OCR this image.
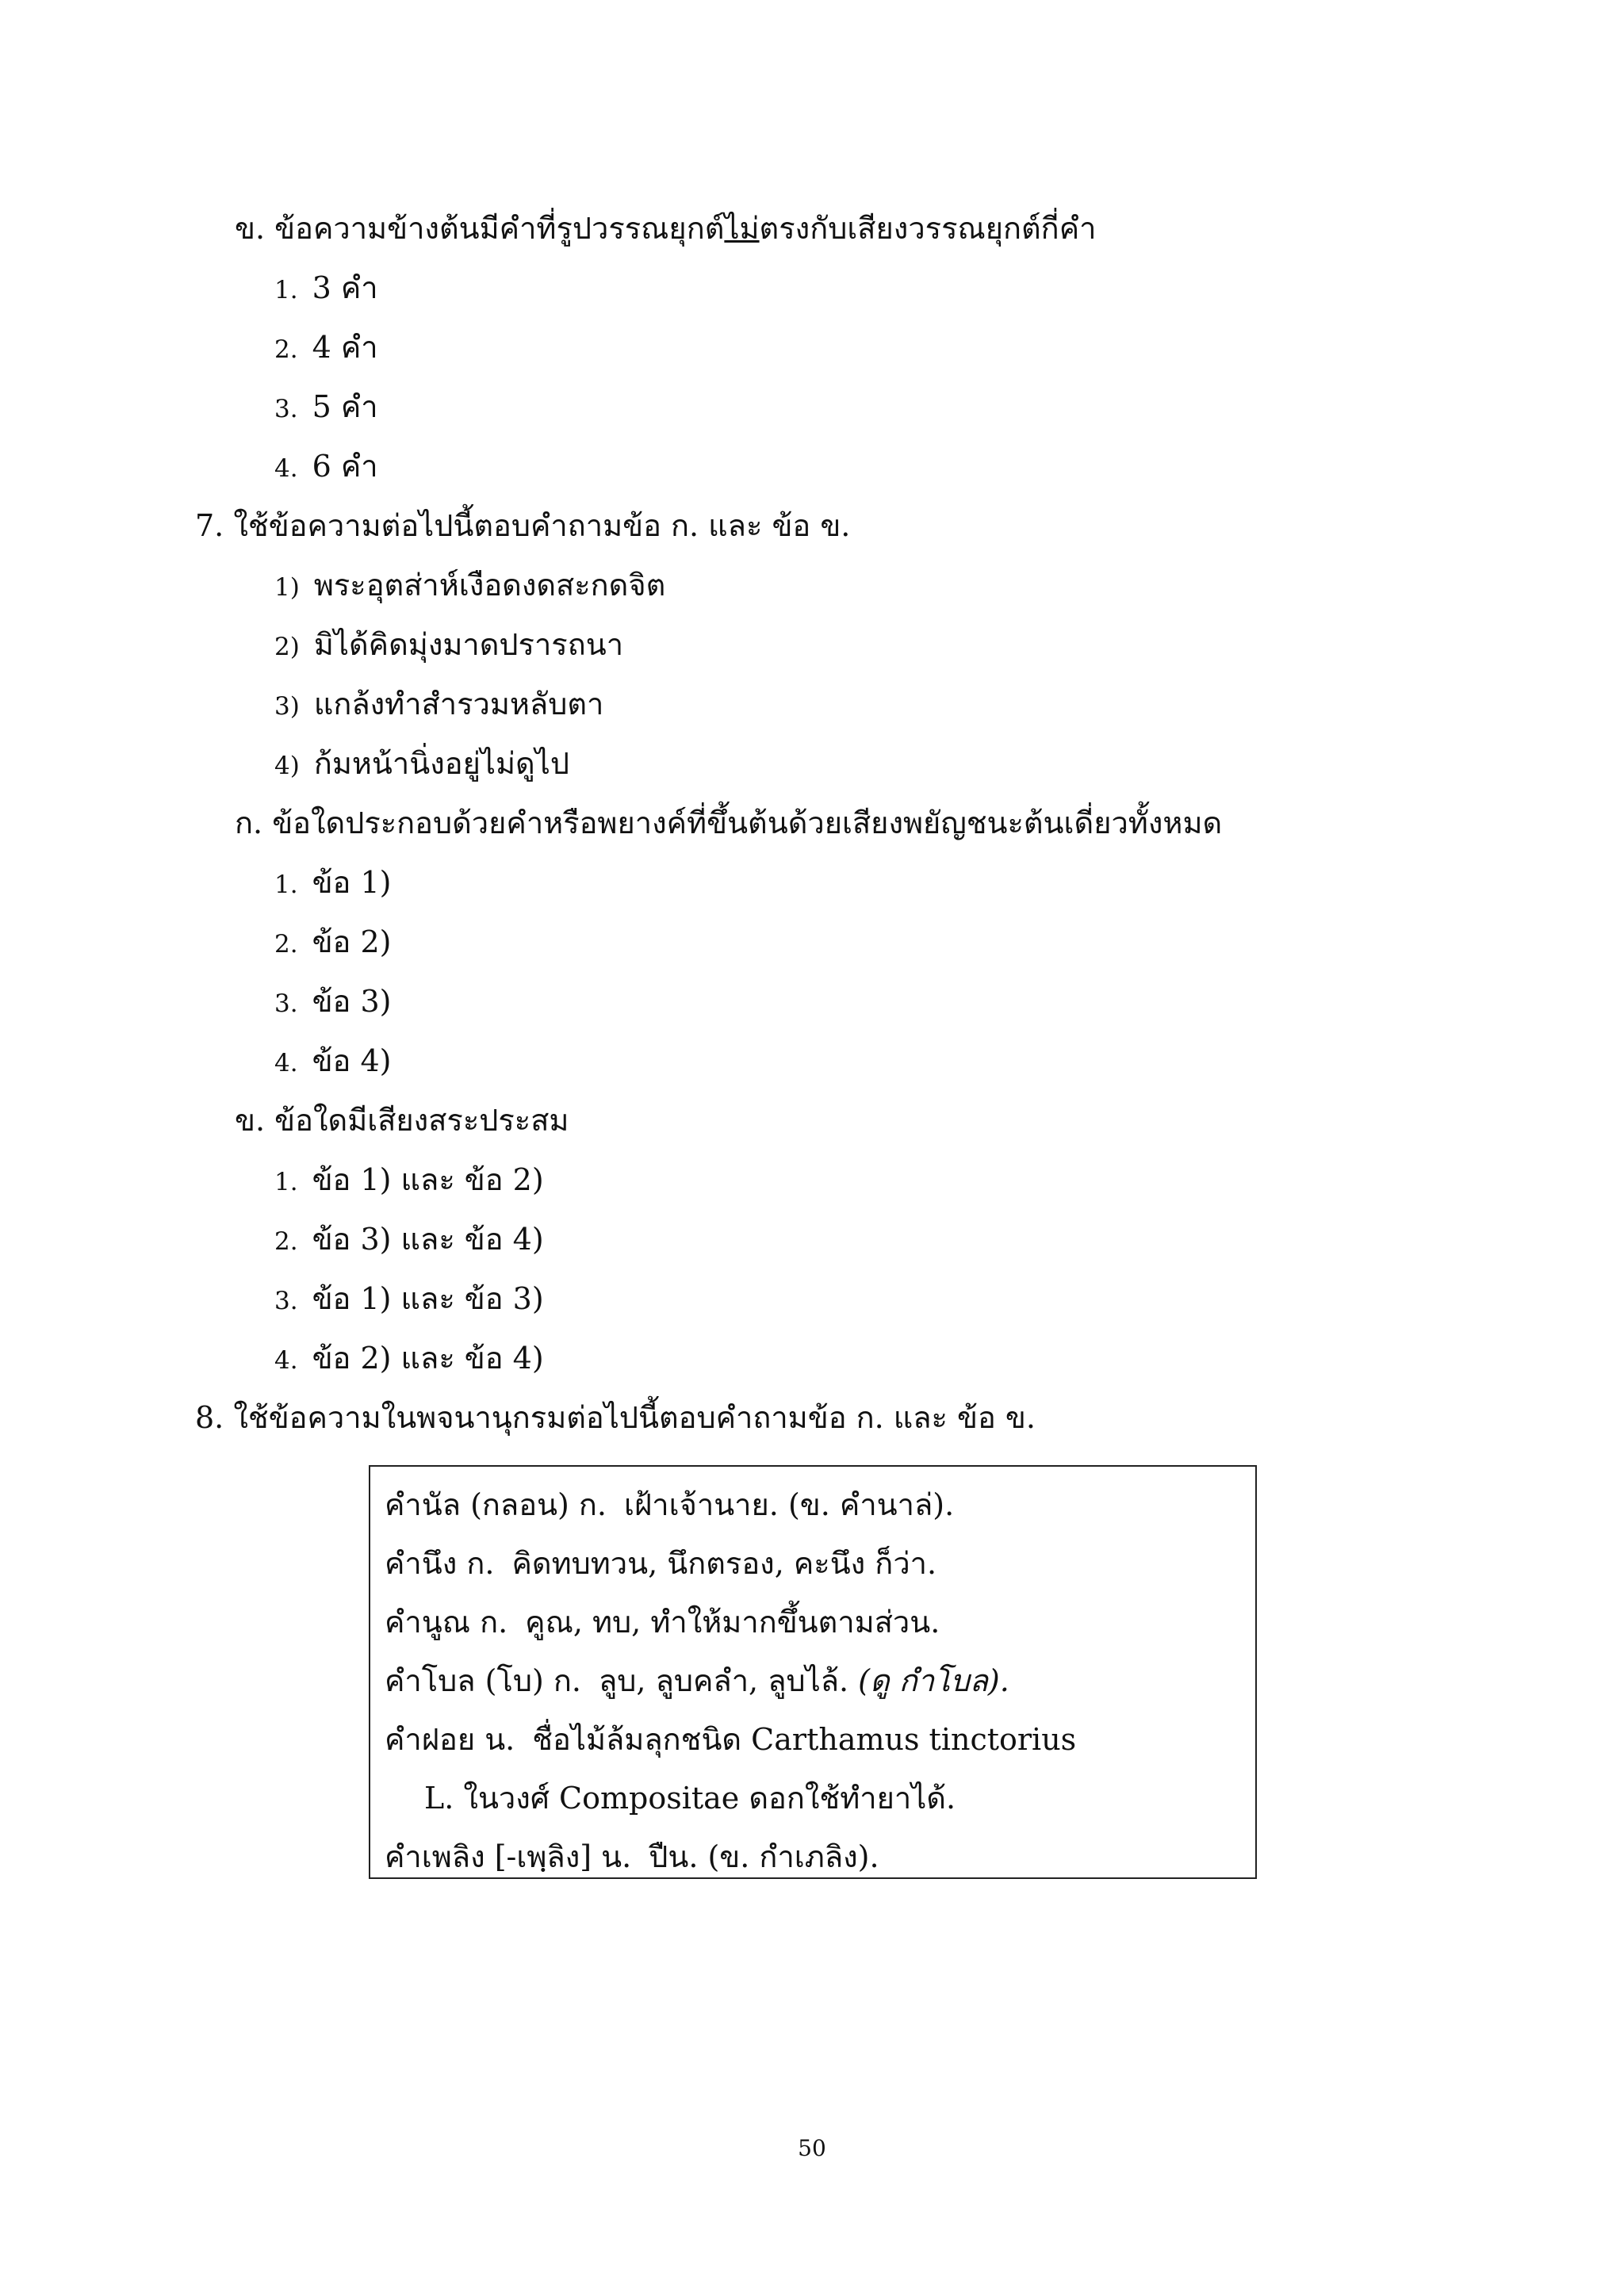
ข. ข้อความข้างต้นมีคำที่รูปวรรณยุกต์ไม่ตรงกับเสียงวรรณยุกต์กี่คำ
1. 3 คำ
2. 4 คำ
3. 5 คำ
4. 6 คำ
7. ใช้ข้อความต่อไปนี้ตอบคำถามข้อ ก. และ ข้อ ข.
1) พระอุตส่าห์เงือดงดสะกดจิต
2) มิได้คิดมุ่งมาดปรารถนา
3) แกล้งทำสำรวมหลับตา
4) ก้มหน้านิ่งอยู่ไม่ดูไป
ก. ข้อใดประกอบด้วยคำหรือพยางค์ที่ขึ้นต้นด้วยเสียงพยัญชนะต้นเดี่ยวทั้งหมด
1. ข้อ 1)
2. ข้อ 2)
3. ข้อ 3)
4. ข้อ 4)
ข. ข้อใดมีเสียงสระประสม
1. ข้อ 1) และ ข้อ 2)
2. ข้อ 3) และ ข้อ 4)
3. ข้อ 1) และ ข้อ 3)
4. ข้อ 2) และ ข้อ 4)
8. ใช้ข้อความในพจนานุกรมต่อไปนี้ตอบคำถามข้อ ก. และ ข้อ ข.
คำนัล (กลอน) ก. เฝ้าเจ้านาย. (ข. คำนาล่).
คำนึง ก. คิดทบทวน, นึกตรอง, คะนึง ก็ว่า.
คำนูณ ก. คูณ, ทบ, ทำให้มากขึ้นตามส่วน.
คำโบล (โบ) ก. ลูบ, ลูบคลำ, ลูบไล้. (ดู กำโบล).
คำฝอย น. ชื่อไม้ล้มลุกชนิด Carthamus tinctorius
L. ในวงศ์ Compositae ดอกใช้ทำยาได้.
คำเพลิง [-เพฺลิง] น. ปืน. (ข. กำเภลิง).
50
